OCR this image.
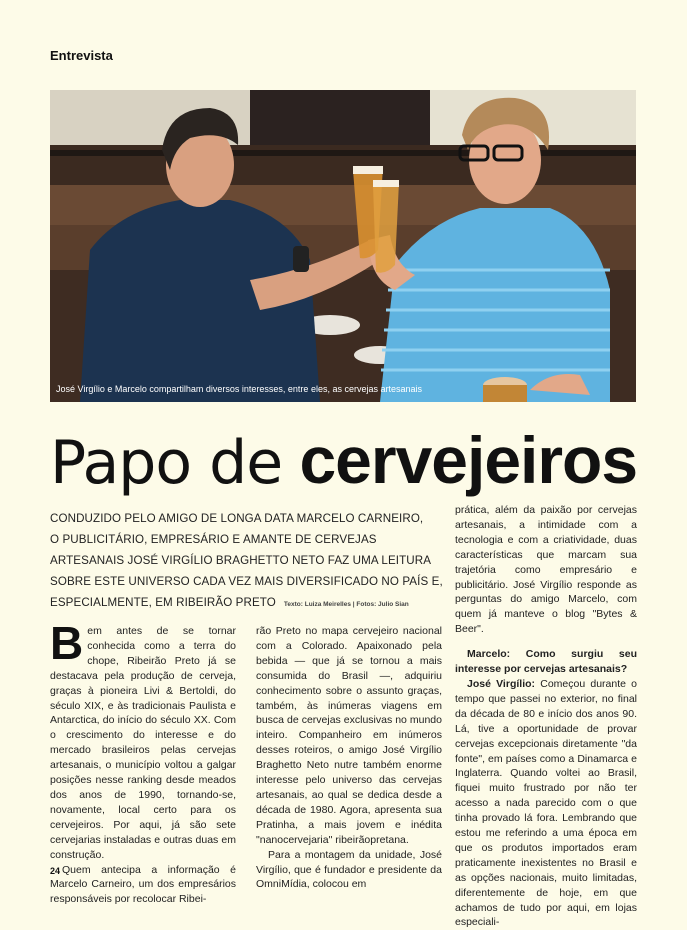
Entrevista
José Virgílio e Marcelo compartilham diversos interesses, entre eles, as cervejas artesanais
Papo de cervejeiros
CONDUZIDO PELO AMIGO DE LONGA DATA MARCELO CARNEIRO,
O PUBLICITÁRIO, EMPRESÁRIO E AMANTE DE CERVEJAS
ARTESANAIS JOSÉ VIRGÍLIO BRAGHETTO NETO FAZ UMA LEITURA
SOBRE ESTE UNIVERSO CADA VEZ MAIS DIVERSIFICADO NO PAÍS E,
ESPECIALMENTE, EM RIBEIRÃO PRETO Texto: Luiza Meirelles | Fotos: Julio Sian

Bem antes de se tornar conhecida como a terra do chope, Ribeirão Preto já se destacava pela produção de cerveja, graças à pioneira Livi & Bertoldi, do século XIX, e às tradicionais Paulista e Antarctica, do início do século XX. Com o crescimento do interesse e do mercado brasileiros pelas cervejas artesanais, o município voltou a galgar posições nesse ranking desde meados dos anos de 1990, tornando-se, novamente, local certo para os cervejeiros. Por aqui, já são sete cervejarias instaladas e outras duas em construção.

Quem antecipa a informação é Marcelo Carneiro, um dos empresários responsáveis por recolocar Ribei-

rão Preto no mapa cervejeiro nacional com a Colorado. Apaixonado pela bebida — que já se tornou a mais consumida do Brasil —, adquiriu conhecimento sobre o assunto graças, também, às inúmeras viagens em busca de cervejas exclusivas no mundo inteiro. Companheiro em inúmeros desses roteiros, o amigo José Virgílio Braghetto Neto nutre também enorme interesse pelo universo das cervejas artesanais, ao qual se dedica desde a década de 1980. Agora, apresenta sua Pratinha, a mais jovem e inédita "nanocervejaria" ribeirãopretana.

Para a montagem da unidade, José Virgílio, que é fundador e presidente da OmniMídia, colocou em

prática, além da paixão por cervejas artesanais, a intimidade com a tecnologia e com a criatividade, duas características que marcam sua trajetória como empresário e publicitário. José Virgílio responde as perguntas do amigo Marcelo, com quem já manteve o blog "Bytes & Beer".

Marcelo: Como surgiu seu interesse por cervejas artesanais?

José Virgílio: Começou durante o tempo que passei no exterior, no final da década de 80 e início dos anos 90. Lá, tive a oportunidade de provar cervejas excepcionais diretamente "da fonte", em países como a Dinamarca e Inglaterra. Quando voltei ao Brasil, fiquei muito frustrado por não ter acesso a nada parecido com o que tinha provado lá fora. Lembrando que estou me referindo a uma época em que os produtos importados eram praticamente inexistentes no Brasil e as opções nacionais, muito limitadas, diferentemente de hoje, em que achamos de tudo por aqui, em lojas especiali-

24
